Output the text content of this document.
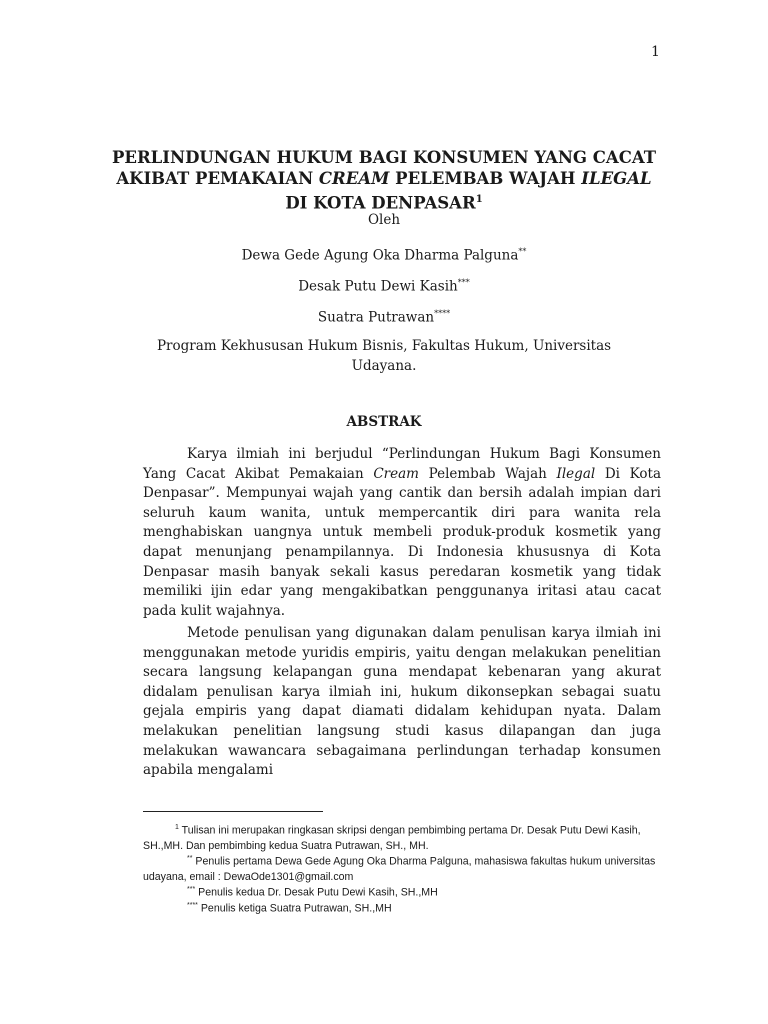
1
PERLINDUNGAN HUKUM BAGI KONSUMEN YANG CACAT
AKIBAT PEMAKAIAN CREAM PELEMBAB WAJAH ILEGAL
DI KOTA DENPASAR$^1$
Oleh
Dewa Gede Agung Oka Dharma Palguna**
Desak Putu Dewi Kasih***
Suatra Putrawan****
Program Kekhususan Hukum Bisnis, Fakultas Hukum, Universitas
Udayana.
ABSTRAK

Karya ilmiah ini berjudul “Perlindungan Hukum Bagi Konsumen Yang Cacat Akibat Pemakaian Cream Pelembab Wajah Ilegal Di Kota Denpasar”. Mempunyai wajah yang cantik dan bersih adalah impian dari seluruh kaum wanita, untuk mempercantik diri para wanita rela menghabiskan uangnya untuk membeli produk-produk kosmetik yang dapat menunjang penampilannya. Di Indonesia khususnya di Kota Denpasar masih banyak sekali kasus peredaran kosmetik yang tidak memiliki ijin edar yang mengakibatkan penggunanya iritasi atau cacat pada kulit wajahnya.

Metode penulisan yang digunakan dalam penulisan karya ilmiah ini menggunakan metode yuridis empiris, yaitu dengan melakukan penelitian secara langsung kelapangan guna mendapat kebenaran yang akurat didalam penulisan karya ilmiah ini, hukum dikonsepkan sebagai suatu gejala empiris yang dapat diamati didalam kehidupan nyata. Dalam melakukan penelitian langsung studi kasus dilapangan dan juga melakukan wawancara sebagaimana perlindungan terhadap konsumen apabila mengalami

$^1$ Tulisan ini merupakan ringkasan skripsi dengan pembimbing pertama Dr. Desak Putu Dewi Kasih, SH.,MH. Dan pembimbing kedua Suatra Putrawan, SH., MH.

** Penulis pertama Dewa Gede Agung Oka Dharma Palguna, mahasiswa fakultas hukum universitas udayana, email : DewaOde1301@gmail.com

*** Penulis kedua Dr. Desak Putu Dewi Kasih, SH.,MH

**** Penulis ketiga Suatra Putrawan, SH.,MH
